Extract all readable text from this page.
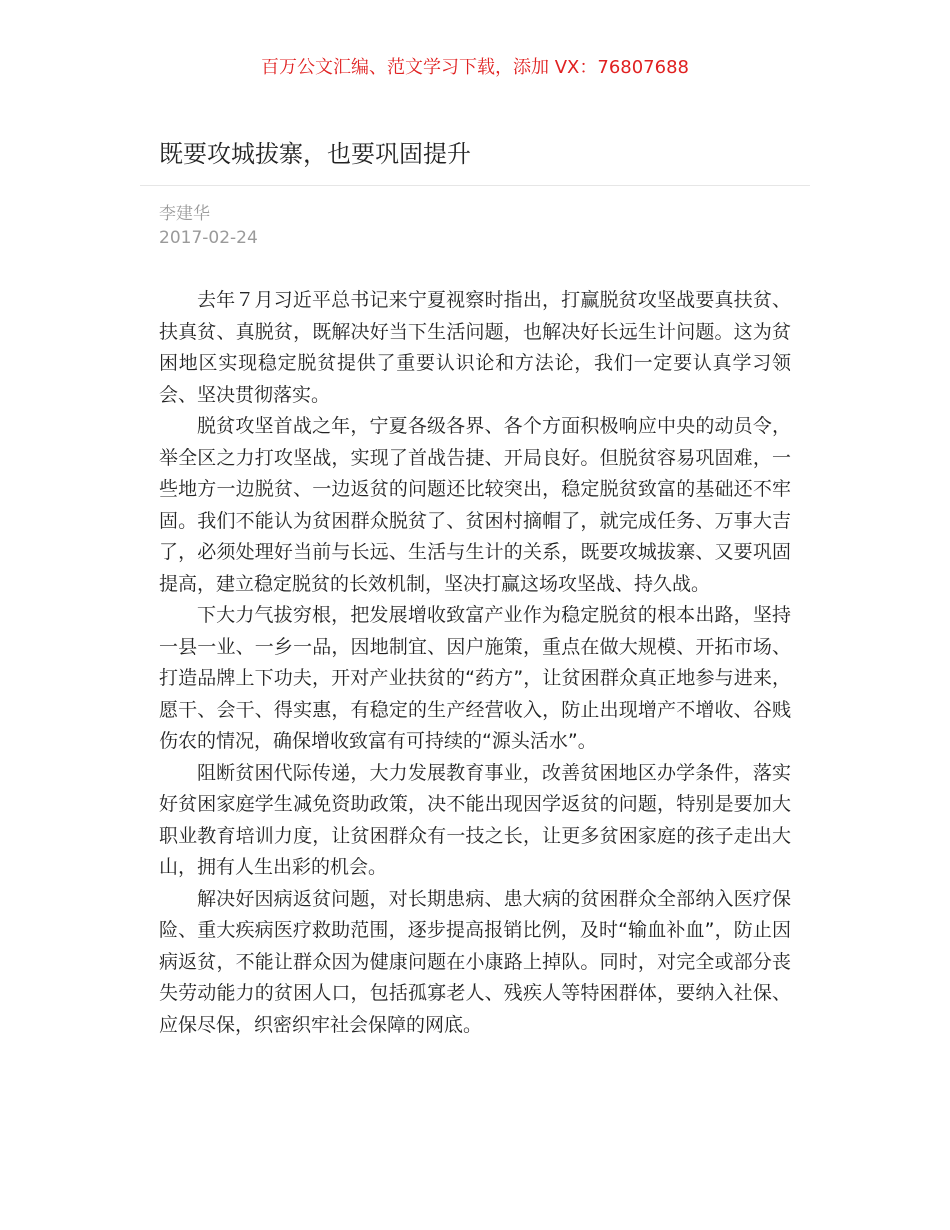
百万公文汇编、范文学习下载，添加 VX：76807688
既要攻城拔寨，也要巩固提升
李建华
2017-02-24

去年７月习近平总书记来宁夏视察时指出，打赢脱贫攻坚战要真扶贫、扶真贫、真脱贫，既解决好当下生活问题，也解决好长远生计问题。这为贫困地区实现稳定脱贫提供了重要认识论和方法论，我们一定要认真学习领会、坚决贯彻落实。

脱贫攻坚首战之年，宁夏各级各界、各个方面积极响应中央的动员令，举全区之力打攻坚战，实现了首战告捷、开局良好。但脱贫容易巩固难，一些地方一边脱贫、一边返贫的问题还比较突出，稳定脱贫致富的基础还不牢固。我们不能认为贫困群众脱贫了、贫困村摘帽了，就完成任务、万事大吉了，必须处理好当前与长远、生活与生计的关系，既要攻城拔寨、又要巩固提高，建立稳定脱贫的长效机制，坚决打赢这场攻坚战、持久战。

下大力气拔穷根，把发展增收致富产业作为稳定脱贫的根本出路，坚持一县一业、一乡一品，因地制宜、因户施策，重点在做大规模、开拓市场、打造品牌上下功夫，开对产业扶贫的“药方”，让贫困群众真正地参与进来，愿干、会干、得实惠，有稳定的生产经营收入，防止出现增产不增收、谷贱伤农的情况，确保增收致富有可持续的“源头活水”。

阻断贫困代际传递，大力发展教育事业，改善贫困地区办学条件，落实好贫困家庭学生减免资助政策，决不能出现因学返贫的问题，特别是要加大职业教育培训力度，让贫困群众有一技之长，让更多贫困家庭的孩子走出大山，拥有人生出彩的机会。

解决好因病返贫问题，对长期患病、患大病的贫困群众全部纳入医疗保险、重大疾病医疗救助范围，逐步提高报销比例，及时“输血补血”，防止因病返贫，不能让群众因为健康问题在小康路上掉队。同时，对完全或部分丧失劳动能力的贫困人口，包括孤寡老人、残疾人等特困群体，要纳入社保、应保尽保，织密织牢社会保障的网底。
